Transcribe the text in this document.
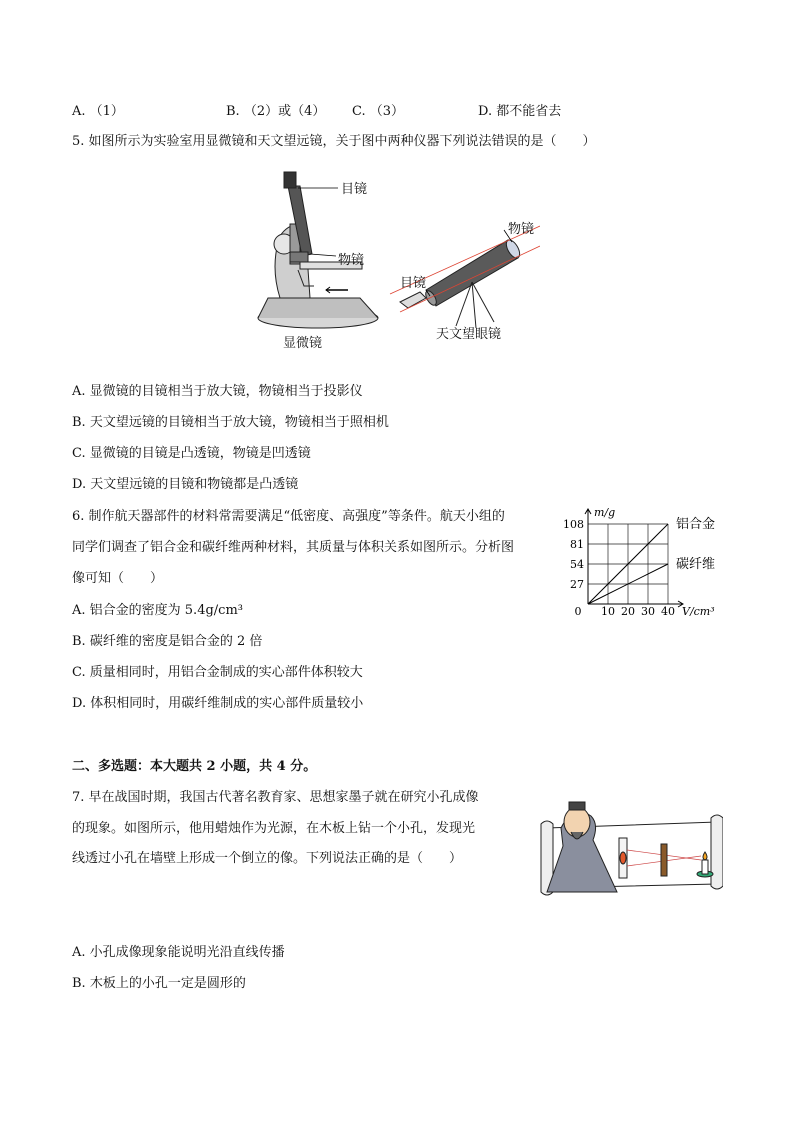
A. （1）	B. （2）或（4） C. （3）	D. 都不能省去
5. 如图所示为实验室用显微镜和天文望远镜，关于图中两种仪器下列说法错误的是（　　）
目镜
物镜
显微镜
物镜
目镜
天文望眼镜
A. 显微镜的目镜相当于放大镜，物镜相当于投影仪
B. 天文望远镜的目镜相当于放大镜，物镜相当于照相机
C. 显微镜的目镜是凸透镜，物镜是凹透镜
D. 天文望远镜的目镜和物镜都是凸透镜
6. 制作航天器部件的材料常需要满足“低密度、高强度”等条件。航天小组的
同学们调查了铝合金和碳纤维两种材料，其质量与体积关系如图所示。分析图
像可知（　　）
A. 铝合金的密度为 5.4g/cm³
B. 碳纤维的密度是铝合金的 2 倍
C. 质量相同时，用铝合金制成的实心部件体积较大
D. 体积相同时，用碳纤维制成的实心部件质量较小
0 10 20 30 40
27
54
81
108	铝合金
碳纤维
m/g
V/cm³
二、多选题：本大题共 2 小题，共 4 分。
7. 早在战国时期，我国古代著名教育家、思想家墨子就在研究小孔成像
的现象。如图所示，他用蜡烛作为光源，在木板上钻一个小孔，发现光
线透过小孔在墙壁上形成一个倒立的像。下列说法正确的是（　　）
A. 小孔成像现象能说明光沿直线传播
B. 木板上的小孔一定是圆形的
